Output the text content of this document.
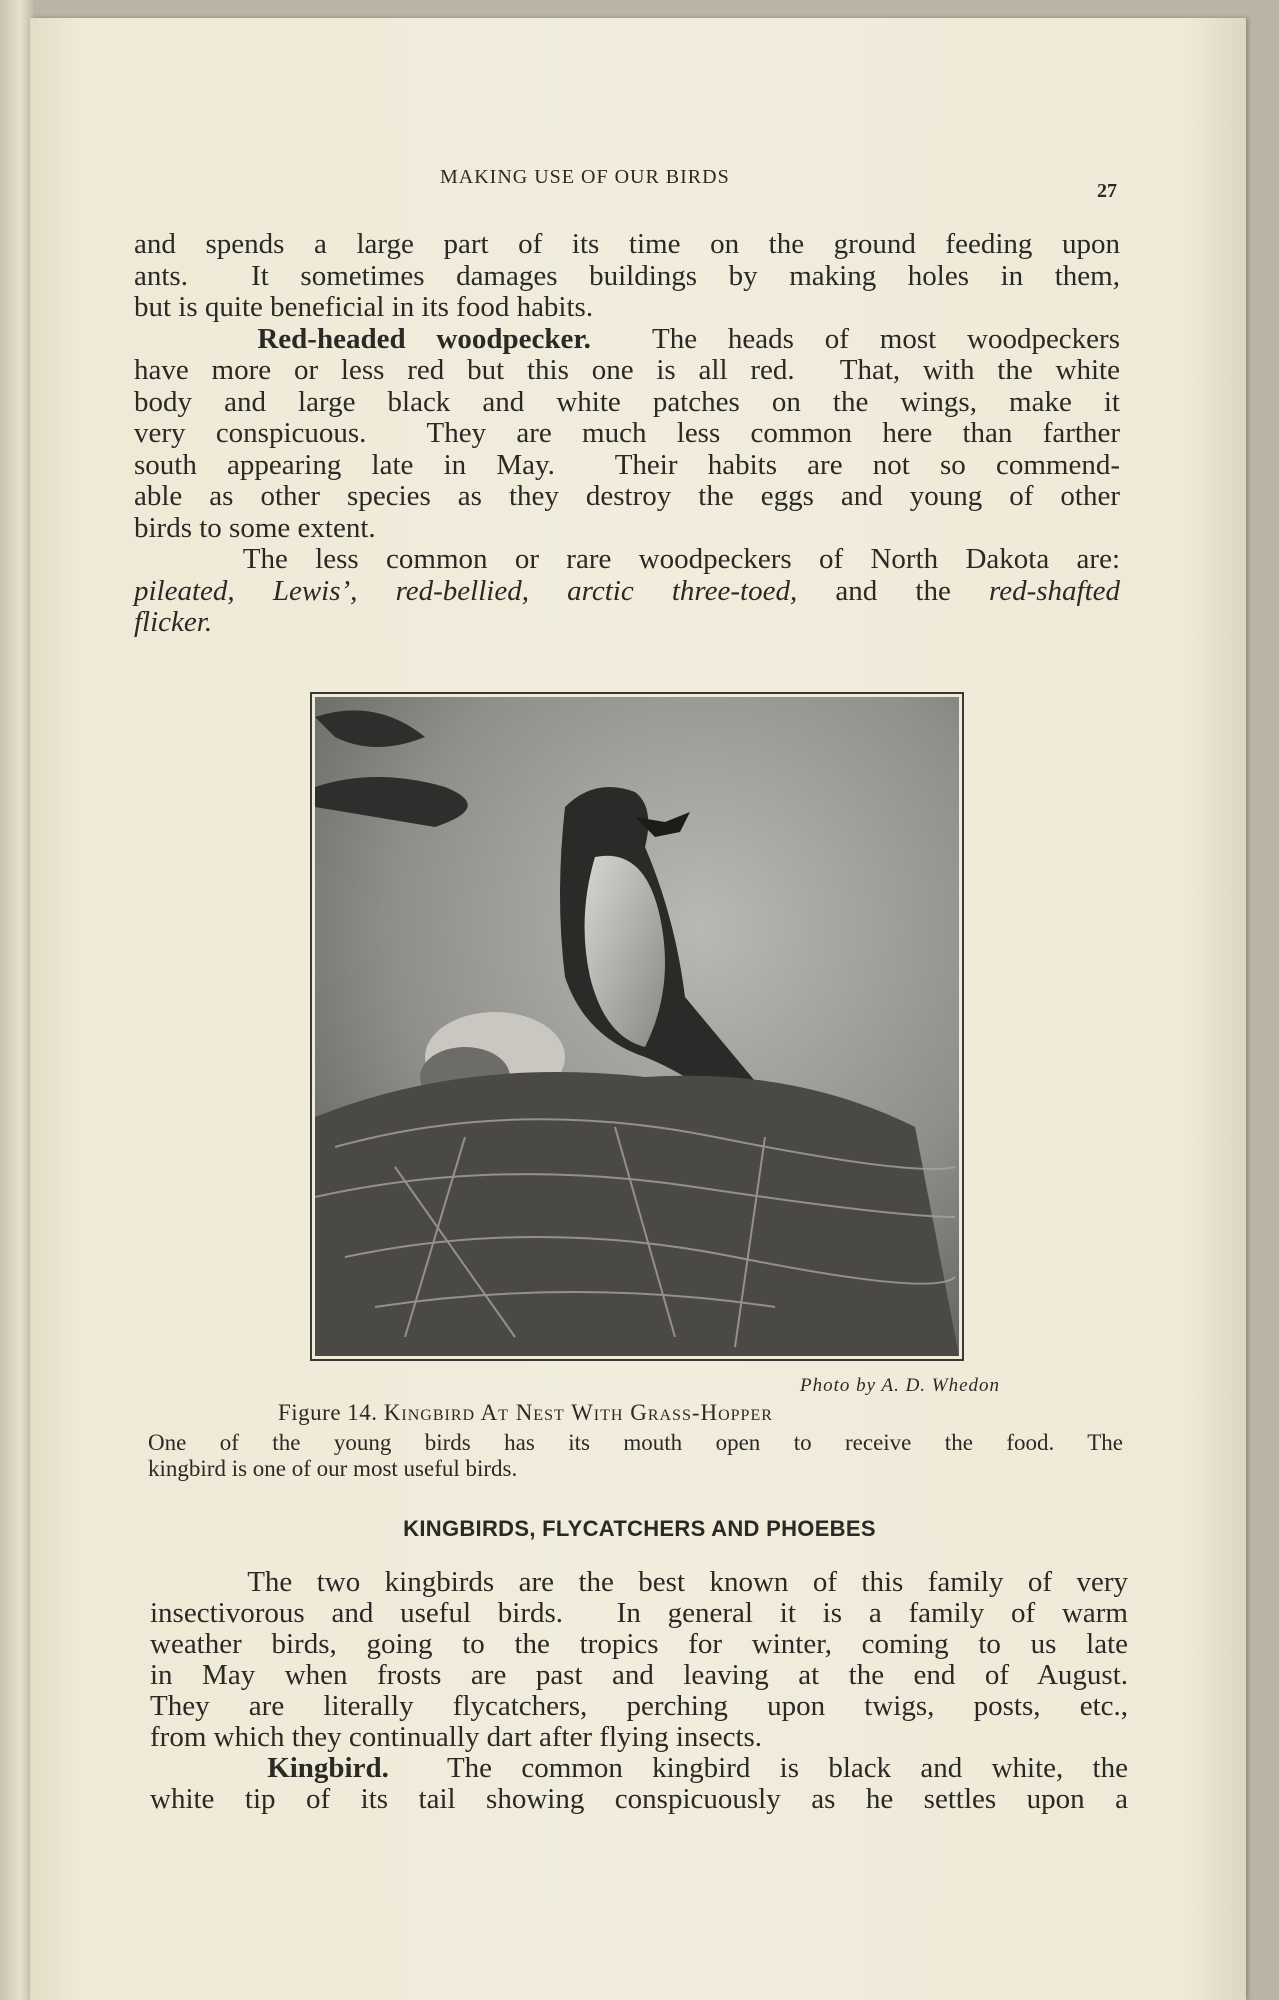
MAKING USE OF OUR BIRDS
27
and spends a large part of its time on the ground feeding upon
ants.  It sometimes damages buildings by making holes in them,
but is quite beneficial in its food habits.
Red-headed woodpecker.  The heads of most woodpeckers
have more or less red but this one is all red.  That, with the white
body and large black and white patches on the wings, make it
very conspicuous.  They are much less common here than farther
south appearing late in May.  Their habits are not so commend-
able as other species as they destroy the eggs and young of other
birds to some extent.
The less common or rare woodpeckers of North Dakota are:
pileated, Lewis’, red-bellied, arctic three-toed, and the red-shafted
flicker.
Photo by A. D. Whedon
Figure 14. Kingbird At Nest With Grass-Hopper
One of the young birds has its mouth open to receive the food. The
kingbird is one of our most useful birds.
KINGBIRDS, FLYCATCHERS AND PHOEBES
The two kingbirds are the best known of this family of very
insectivorous and useful birds.  In general it is a family of warm
weather birds, going to the tropics for winter, coming to us late
in May when frosts are past and leaving at the end of August.
They are literally flycatchers, perching upon twigs, posts, etc.,
from which they continually dart after flying insects.
Kingbird.  The common kingbird is black and white, the
white tip of its tail showing conspicuously as he settles upon a
